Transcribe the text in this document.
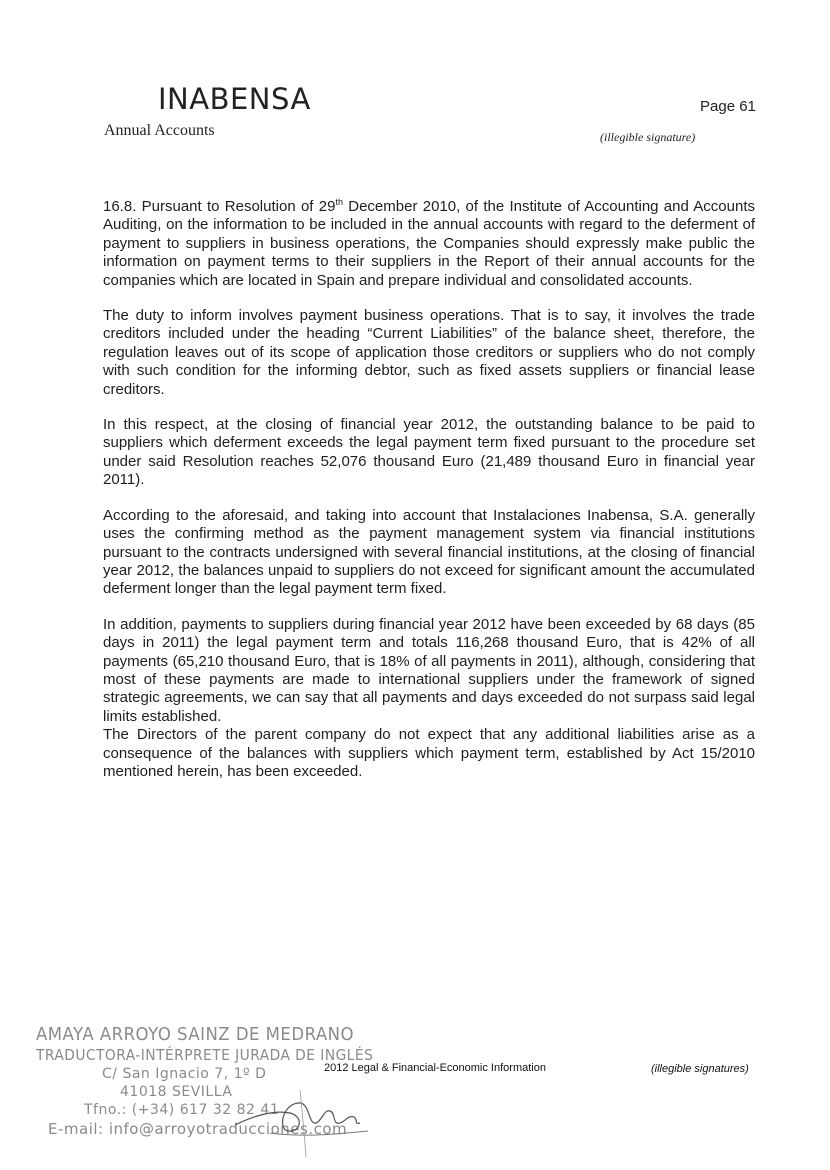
INABENSA
Annual Accounts
Page 61
(illegible signature)

16.8. Pursuant to Resolution of 29th December 2010, of the Institute of Accounting and Accounts Auditing, on the information to be included in the annual accounts with regard to the deferment of payment to suppliers in business operations, the Companies should expressly make public the information on payment terms to their suppliers in the Report of their annual accounts for the companies which are located in Spain and prepare individual and consolidated accounts.

The duty to inform involves payment business operations. That is to say, it involves the trade creditors included under the heading “Current Liabilities” of the balance sheet, therefore, the regulation leaves out of its scope of application those creditors or suppliers who do not comply with such condition for the informing debtor, such as fixed assets suppliers or financial lease creditors.

In this respect, at the closing of financial year 2012, the outstanding balance to be paid to suppliers which deferment exceeds the legal payment term fixed pursuant to the procedure set under said Resolution reaches 52,076 thousand Euro (21,489 thousand Euro in financial year 2011).

According to the aforesaid, and taking into account that Instalaciones Inabensa, S.A. generally uses the confirming method as the payment management system via financial institutions pursuant to the contracts undersigned with several financial institutions, at the closing of financial year 2012, the balances unpaid to suppliers do not exceed for significant amount the accumulated deferment longer than the legal payment term fixed.

In addition, payments to suppliers during financial year 2012 have been exceeded by 68 days (85 days in 2011) the legal payment term and totals 116,268 thousand Euro, that is 42% of all payments (65,210 thousand Euro, that is 18% of all payments in 2011), although, considering that most of these payments are made to international suppliers under the framework of signed strategic agreements, we can say that all payments and days exceeded do not surpass said legal limits established.

The Directors of the parent company do not expect that any additional liabilities arise as a consequence of the balances with suppliers which payment term, established by Act 15/2010 mentioned herein, has been exceeded.

AMAYA ARROYO SAINZ DE MEDRANO
TRADUCTORA-INTÉRPRETE JURADA DE INGLÉS
C/ San Ignacio 7, 1º D
41018 SEVILLA
Tfno.: (+34) 617 32 82 41
E-mail: info@arroyotraducciones.com
2012 Legal & Financial-Economic Information	(illegible signatures)
